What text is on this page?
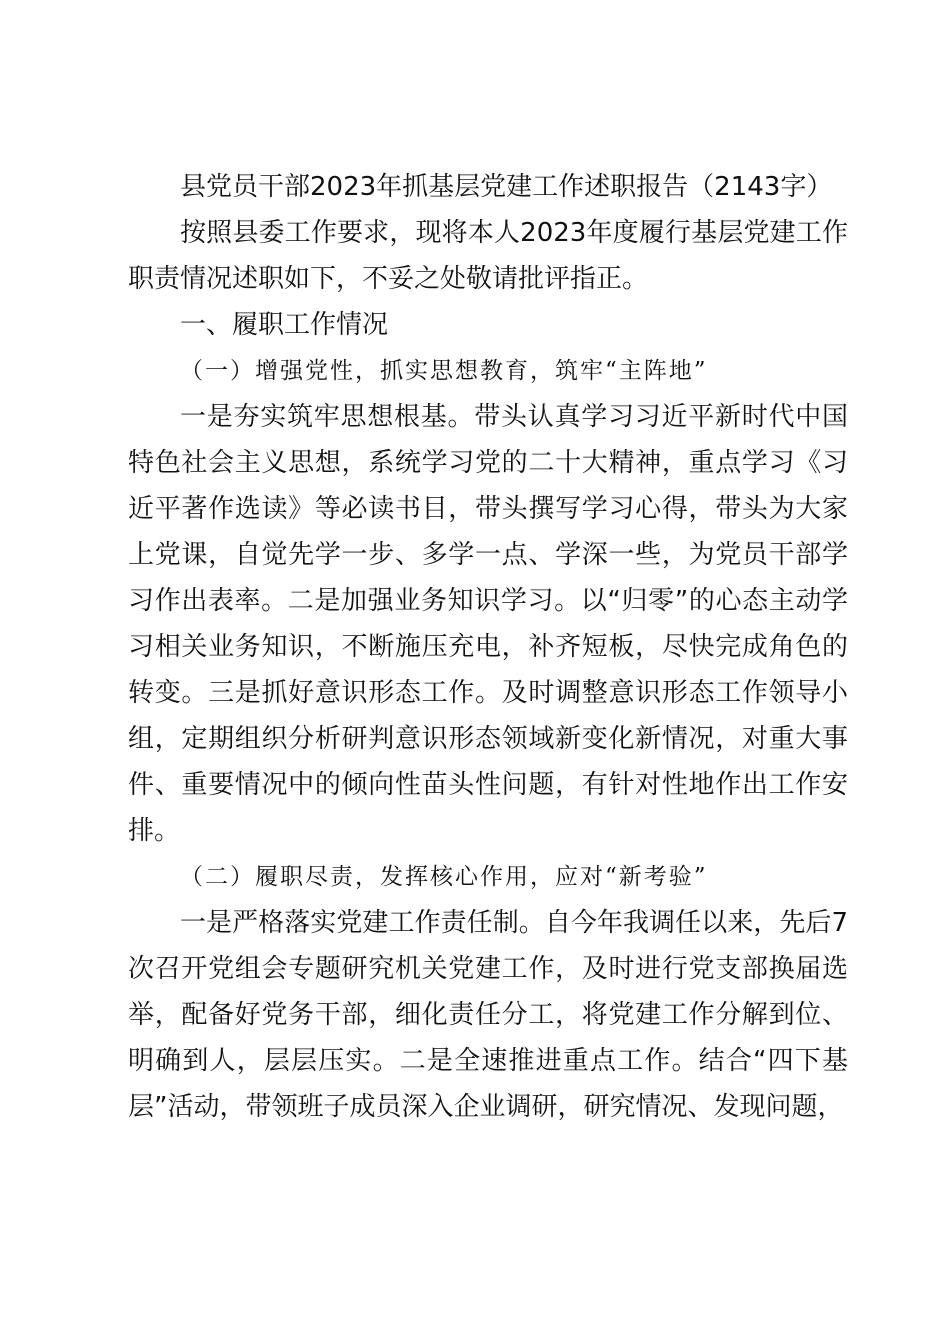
县党员干部2023年抓基层党建工作述职报告（2143字）

按照县委工作要求，现将本人2023年度履行基层党建工作职责情况述职如下，不妥之处敬请批评指正。

一、履职工作情况

（一）增强党性，抓实思想教育，筑牢“主阵地”

一是夯实筑牢思想根基。带头认真学习习近平新时代中国特色社会主义思想，系统学习党的二十大精神，重点学习《习近平著作选读》等必读书目，带头撰写学习心得，带头为大家上党课，自觉先学一步、多学一点、学深一些，为党员干部学习作出表率。二是加强业务知识学习。以“归零”的心态主动学习相关业务知识，不断施压充电，补齐短板，尽快完成角色的转变。三是抓好意识形态工作。及时调整意识形态工作领导小组，定期组织分析研判意识形态领域新变化新情况，对重大事件、重要情况中的倾向性苗头性问题，有针对性地作出工作安排。

（二）履职尽责，发挥核心作用，应对“新考验”

一是严格落实党建工作责任制。自今年我调任以来，先后7次召开党组会专题研究机关党建工作，及时进行党支部换届选举，配备好党务干部，细化责任分工，将党建工作分解到位、明确到人，层层压实。二是全速推进重点工作。结合“四下基层”活动，带领班子成员深入企业调研，研究情况、发现问题，
